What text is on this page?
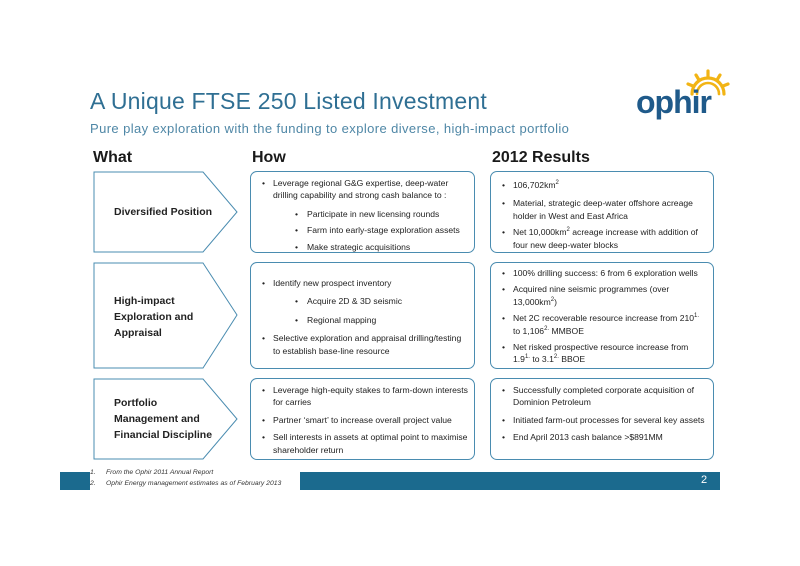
A Unique FTSE 250 Listed Investment
Pure play exploration with the funding to explore diverse, high-impact portfolio
ophir
What	How	2012 Results
Diversified Position
• Leverage regional G&G expertise, deep-water drilling capability and strong cash balance to :
• Participate in new licensing rounds
• Farm into early-stage exploration assets
• Make strategic acquisitions
• $106,702km^2$
• Material, strategic deep-water offshore acreage holder in West and East Africa
• Net $10,000km^2$ acreage increase with addition of four new deep-water blocks
High-impact
Exploration and
Appraisal
• Identify new prospect inventory
• Acquire 2D & 3D seismic
• Regional mapping
• Selective exploration and appraisal drilling/testing to establish base-line resource
• 100% drilling success: 6 from 6 exploration wells
• Acquired nine seismic programmes (over $13,000km^2$)
• Net 2C recoverable resource increase from $210^{1.}$ to $1,106^{2.}$ MMBOE
• Net risked prospective resource increase from $1.9^{1.}$ to $3.1^{2.}$ BBOE
Portfolio
Management and
Financial Discipline
• Leverage high-equity stakes to farm-down interests for carries
• Partner ‘smart’ to increase overall project value
• Sell interests in assets at optimal point to maximise shareholder return
• Successfully completed corporate acquisition of Dominion Petroleum
• Initiated farm-out processes for several key assets
• End April 2013 cash balance >$891MM
1. From the Ophir 2011 Annual Report
2. Ophir Energy management estimates as of February 2013	2
